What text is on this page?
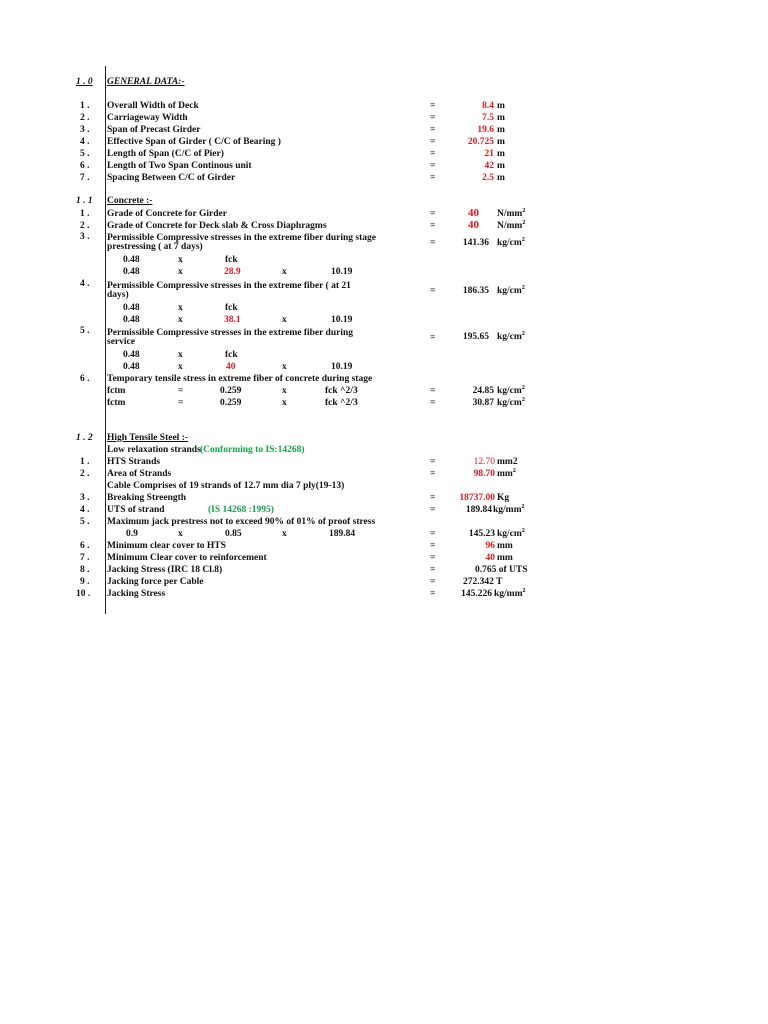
1 . 0 GENERAL DATA:-
1 . Overall Width of Deck	=	8.4 m
2 . Carriageway Width	=	7.5 m
3 . Span of Precast Girder	=	19.6 m
4 . Effective Span of Girder ( C/C of Bearing )	=	20.725 m
5 . Length of Span (C/C of Pier)	=	21 m
6 . Length of Two Span Continous unit	=	42 m
7 . Spacing Between C/C of Girder	=	2.5 m
1 . 1 Concrete :-
1 . Grade of Concrete for Girder	=	40 $N/mm^2$
2 . Grade of Concrete for Deck slab & Cross Diaphragms	=	40 $N/mm^2$
3 . Permissible Compressive stresses in the extreme fiber during stage
prestressing ( at 7 days)	=	141.36 $kg/cm^2$
0.48	x	fck
0.48	x	28.9	x	10.19
4 . Permissible Compressive stresses in the extreme fiber ( at 21
days)	=	186.35 $kg/cm^2$
0.48	x	fck
0.48	x	38.1	x	10.19
5 . Permissible Compressive stresses in the extreme fiber during
service	=	195.65 $kg/cm^2$
0.48	x	fck
0.48	x	40	x	10.19
6 . Temporary tensile stress in extreme fiber of concrete during stage
fctm	=	0.259	x	fck ^2/3	=	24.85 $kg/cm^2$
fctm	=	0.259	x	fck ^2/3	=	30.87 $kg/cm^2$
1 . 2 High Tensile Steel :-
Low relaxation strands (Conforming to IS:14268)
1 . HTS Strands	=	12.70 mm2
2 . Area of Strands	=	98.70 $mm^2$
Cable Comprises of 19 strands of 12.7 mm dia 7 ply(19-13)
3 . Breaking Streength	=	18737.00 Kg
4 . UTS of strand	(IS 14268 :1995)	=	189.84 $kg/mm^2$
5 . Maximum jack prestress not to exceed 90% of 01% of proof stress
0.9	x	0.85	x	189.84	=	145.23 $kg/cm^2$
6 . Minimum clear cover to HTS	=	96 mm
7 . Minimum Clear cover to reinforcement	=	40 mm
8 . Jacking Stress (IRC 18 Cl.8)	=	0.765 of UTS
9 . Jacking force per Cable	=	272.342 T
10 . Jacking Stress	=	145.226 $kg/mm^2$
